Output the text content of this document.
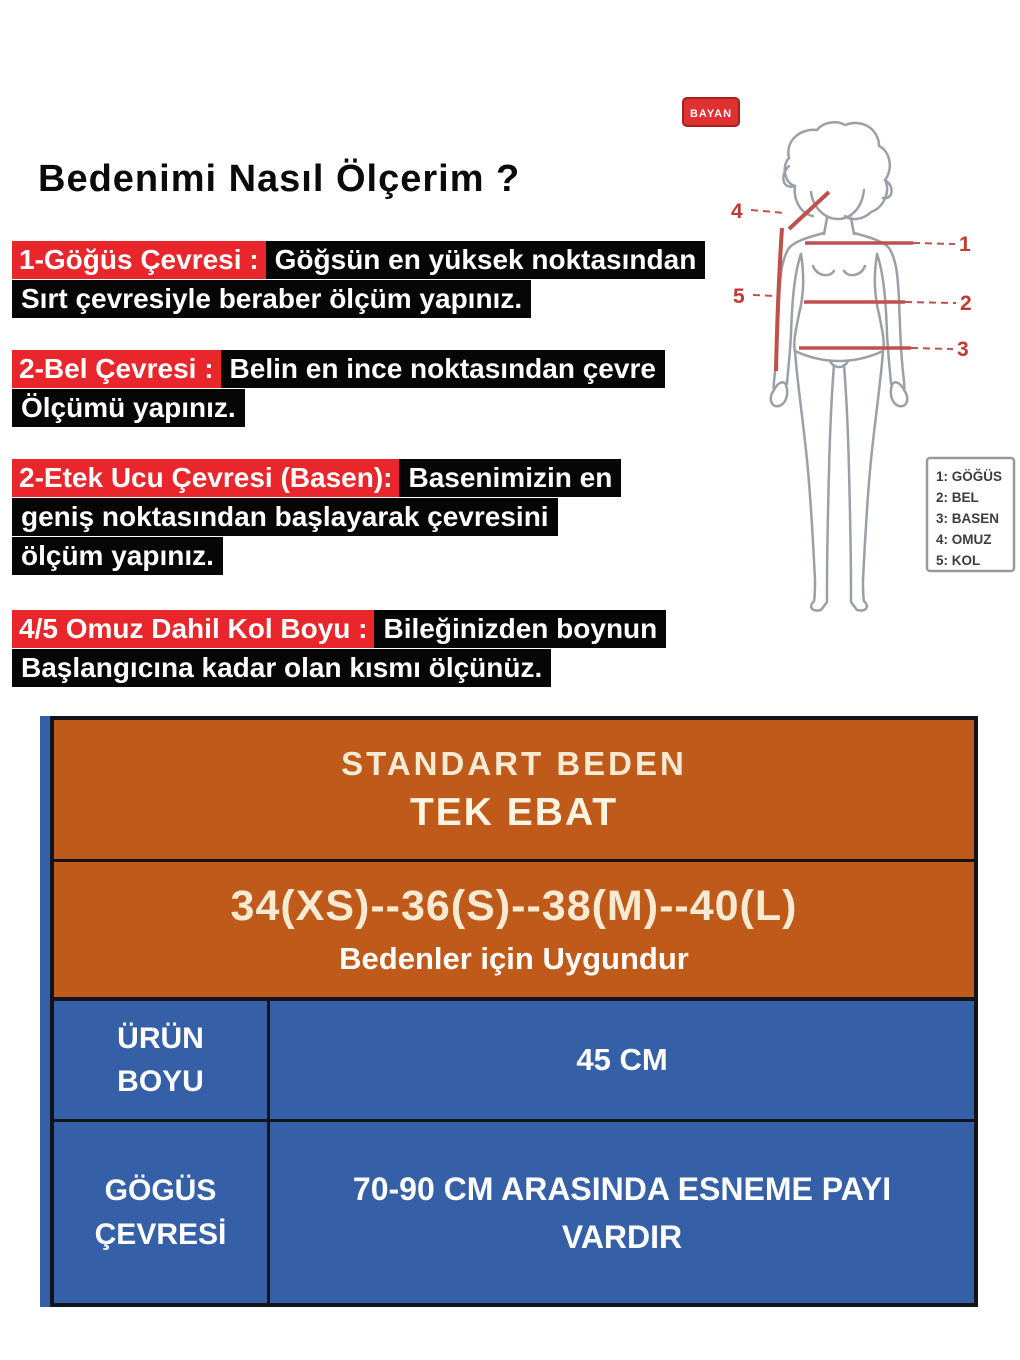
Bedenimi Nasıl Ölçerim ?
1-Göğüs Çevresi : Göğsün en yüksek noktasından
Sırt çevresiyle beraber ölçüm yapınız.
2-Bel Çevresi : Belin en ince noktasından çevre
Ölçümü yapınız.
2-Etek Ucu Çevresi (Basen): Basenimizin en
geniş noktasından başlayarak çevresini
ölçüm yapınız.
4/5 Omuz Dahil Kol Boyu : Bileğinizden boynun
Başlangıcına kadar olan kısmı ölçünüz.
BAYAN
1
2
3
4
5
1: GÖĞÜS
2: BEL
3: BASEN
4: OMUZ
5: KOL
STANDART BEDEN
TEK EBAT
34(XS)--36(S)--38(M)--40(L)
Bedenler için Uygundur
ÜRÜN
BOYU
45 CM
GÖGÜS
ÇEVRESİ
70-90 CM ARASINDA ESNEME PAYI VARDIR
